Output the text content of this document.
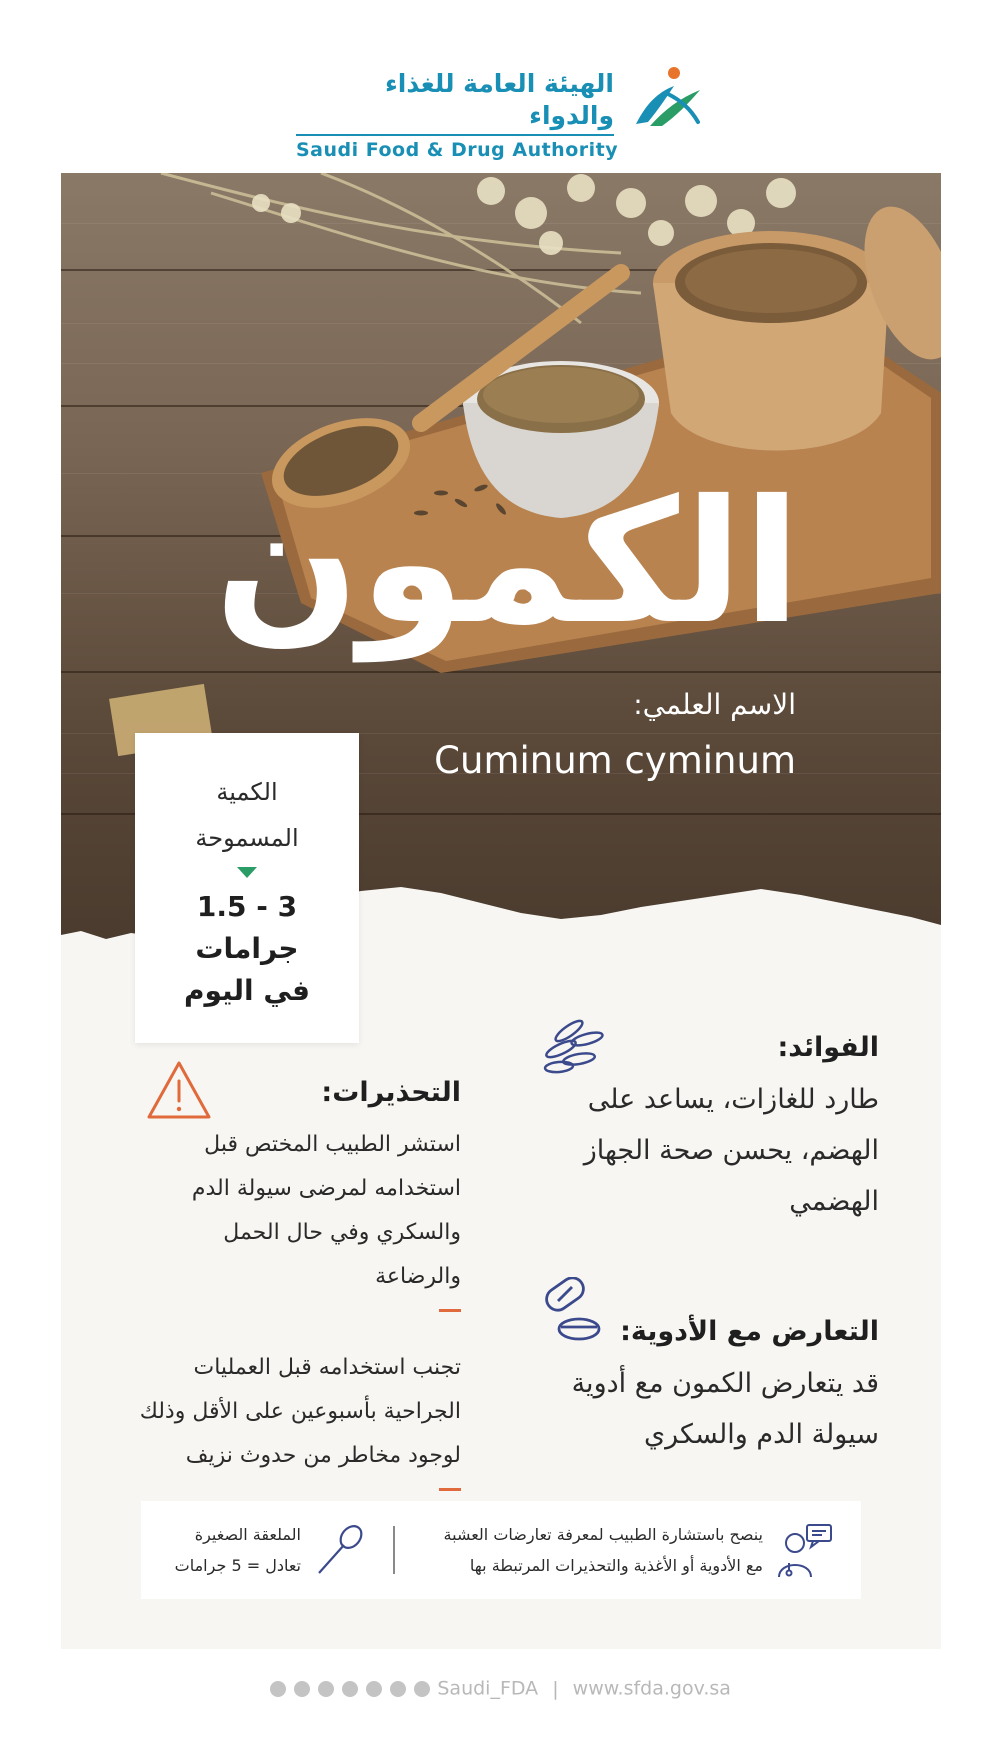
الهيئة العامة للغذاء والدواء
Saudi Food & Drug Authority
الكمون
الاسم العلمي:
Cuminum cyminum
الكمية
المسموحة
3 - 1.5
جرامات
في اليوم
الفوائد:

طارد للغازات، يساعد على الهضم، يحسن صحة الجهاز الهضمي

التعارض مع الأدوية:

قد يتعارض الكمون مع أدوية سيولة الدم والسكري

التحذيرات:

استشر الطبيب المختص قبل استخدامه لمرضى سيولة الدم والسكري وفي حال الحمل والرضاعة

تجنب استخدامه قبل العمليات الجراحية بأسبوعين على الأقل وذلك لوجود مخاطر من حدوث نزيف

ينصح باستشارة الطبيب لمعرفة تعارضات العشبة
مع الأدوية أو الأغذية والتحذيرات المرتبطة بها
الملعقة الصغيرة
تعادل = 5 جرامات
Saudi_FDA | www.sfda.gov.sa
